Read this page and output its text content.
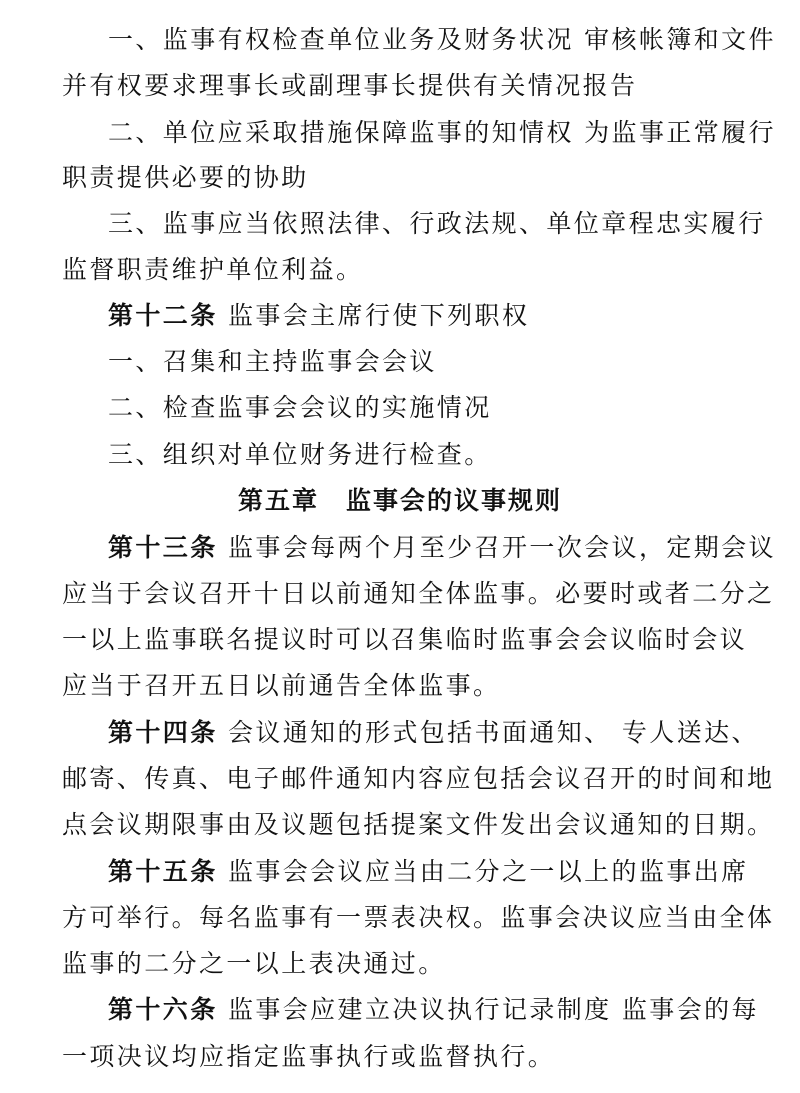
一、监事有权检查单位业务及财务状况 审核帐簿和文件

并有权要求理事长或副理事长提供有关情况报告

二、单位应采取措施保障监事的知情权 为监事正常履行

职责提供必要的协助

三、监事应当依照法律、行政法规、单位章程忠实履行

监督职责维护单位利益。

第十二条 监事会主席行使下列职权

一、召集和主持监事会会议

二、检查监事会会议的实施情况

三、组织对单位财务进行检查。

第五章　监事会的议事规则

第十三条 监事会每两个月至少召开一次会议，定期会议

应当于会议召开十日以前通知全体监事。必要时或者二分之

一以上监事联名提议时可以召集临时监事会会议临时会议

应当于召开五日以前通告全体监事。

第十四条 会议通知的形式包括书面通知、 专人送达、

邮寄、传真、电子邮件通知内容应包括会议召开的时间和地

点会议期限事由及议题包括提案文件发出会议通知的日期。

第十五条 监事会会议应当由二分之一以上的监事出席

方可举行。每名监事有一票表决权。监事会决议应当由全体

监事的二分之一以上表决通过。

第十六条 监事会应建立决议执行记录制度 监事会的每

一项决议均应指定监事执行或监督执行。
